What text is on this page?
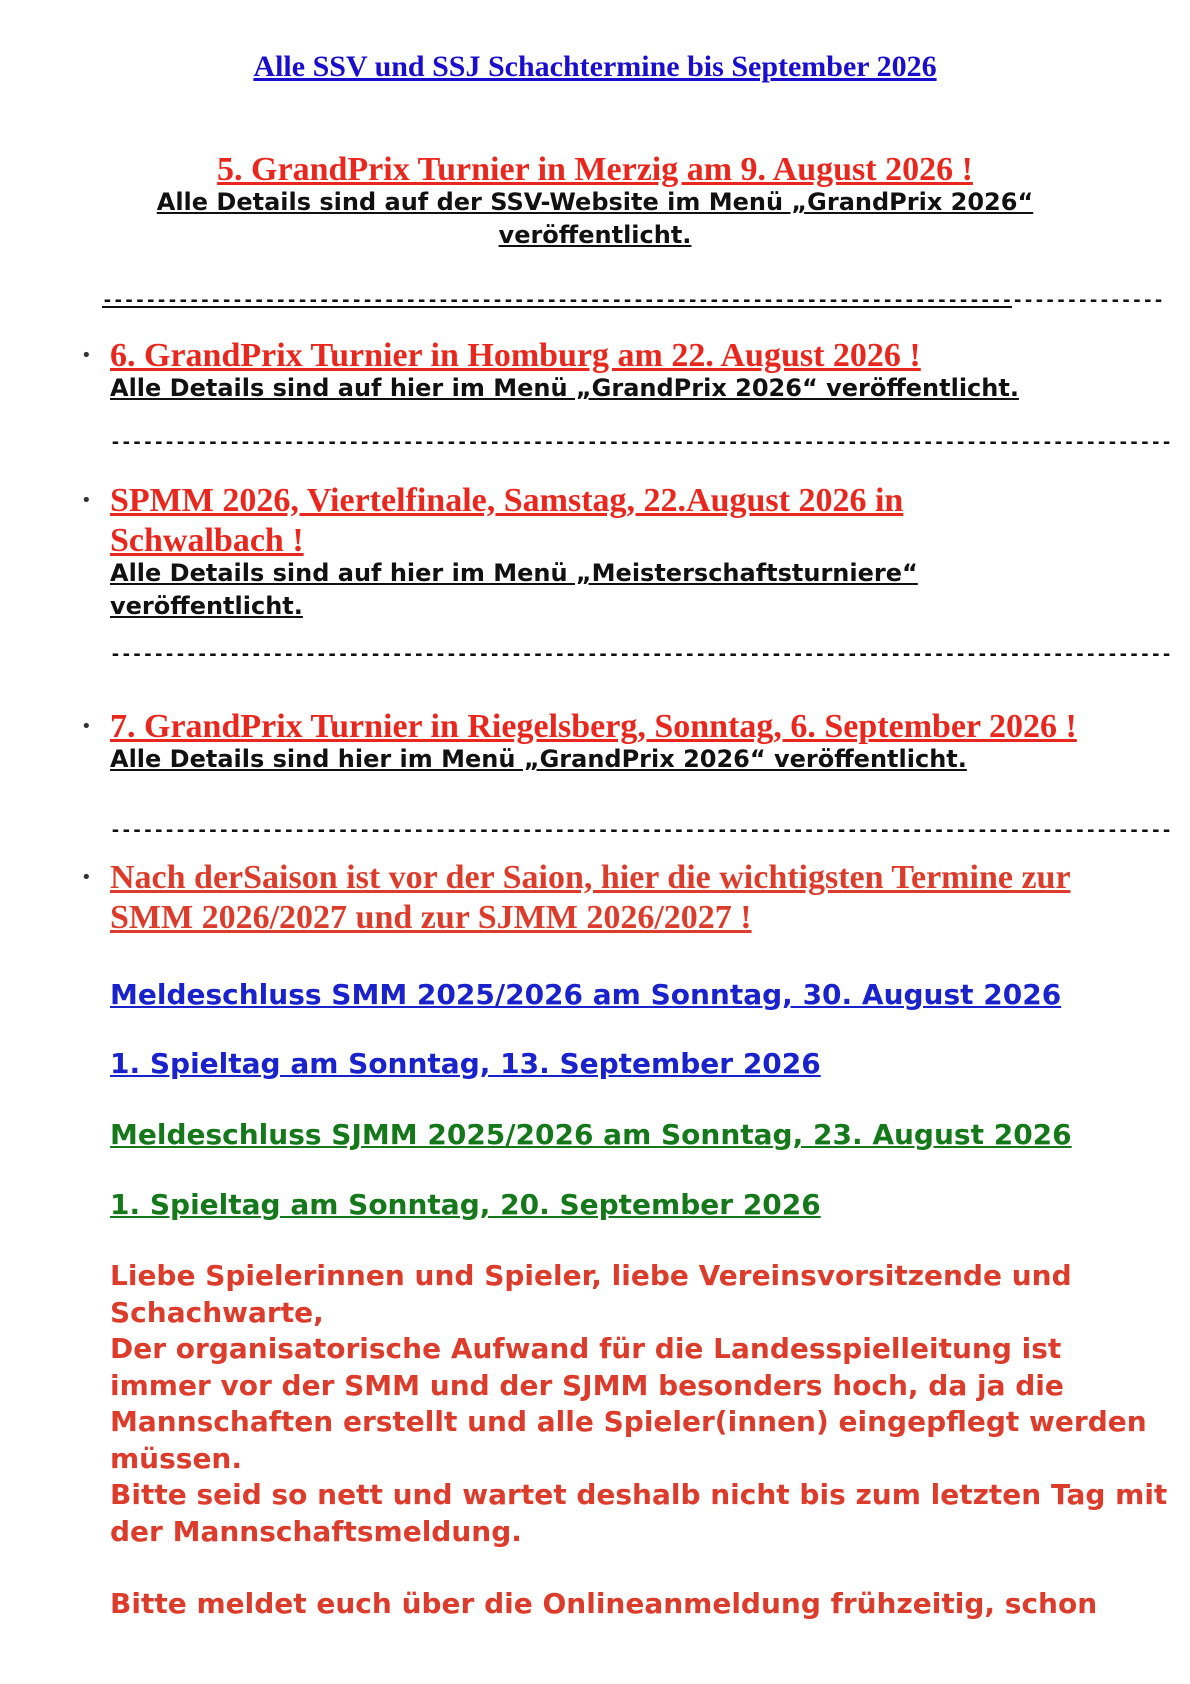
Alle SSV und SSJ Schachtermine bis September 2026
5. GrandPrix Turnier in Merzig am 9. August 2026 !
Alle Details sind auf der SSV-Website im Menü „GrandPrix 2026“ veröffentlicht.
--------------------------------------------------------------------------------------------------
• 6. GrandPrix Turnier in Homburg am 22. August 2026 !
Alle Details sind auf hier im Menü „GrandPrix 2026“ veröffentlicht.
--------------------------------------------------------------------------------------------------
• SPMM 2026, Viertelfinale, Samstag, 22.August 2026 in Schwalbach !
Alle Details sind auf hier im Menü „Meisterschaftsturniere“ veröffentlicht.
--------------------------------------------------------------------------------------------------
• 7. GrandPrix Turnier in Riegelsberg, Sonntag, 6. September 2026 !
Alle Details sind hier im Menü „GrandPrix 2026“ veröffentlicht.
--------------------------------------------------------------------------------------------------
• Nach derSaison ist vor der Saion, hier die wichtigsten Termine zur SMM 2026/2027 und zur SJMM 2026/2027 !
Meldeschluss SMM 2025/2026 am Sonntag, 30. August 2026
1. Spieltag am Sonntag, 13. September 2026
Meldeschluss SJMM 2025/2026 am Sonntag, 23. August 2026
1. Spieltag am Sonntag, 20. September 2026

Liebe Spielerinnen und Spieler, liebe Vereinsvorsitzende und Schachwarte,

Der organisatorische Aufwand für die Landesspielleitung ist immer vor der SMM und der SJMM besonders hoch, da ja die Mannschaften erstellt und alle Spieler(innen) eingepflegt werden müssen.

Bitte seid so nett und wartet deshalb nicht bis zum letzten Tag mit der Mannschaftsmeldung.

Bitte meldet euch über die Onlineanmeldung frühzeitig, schon
